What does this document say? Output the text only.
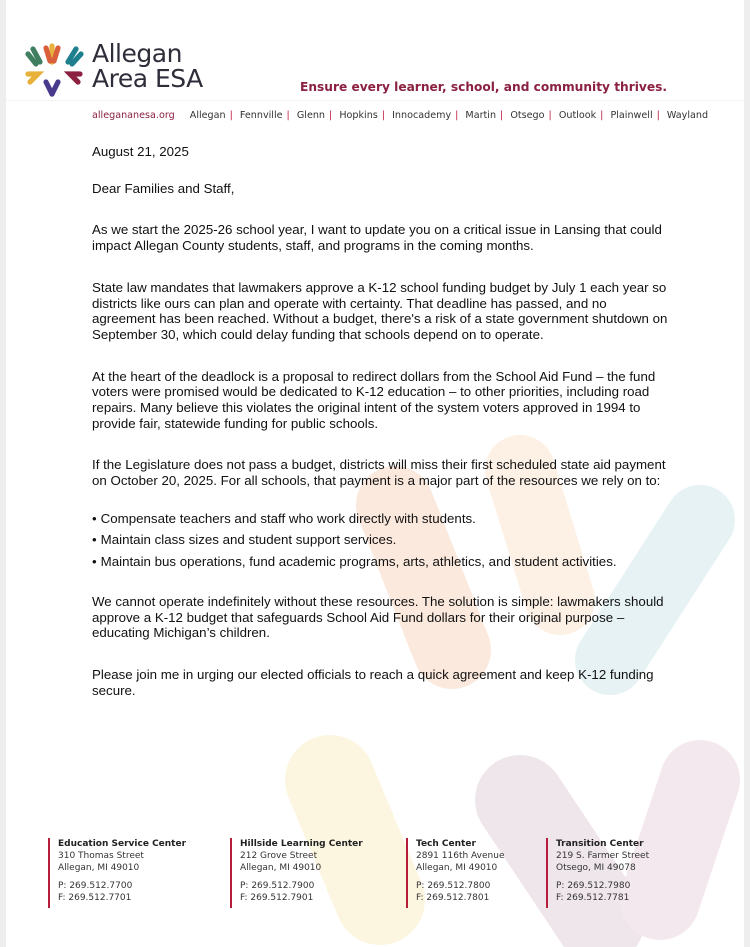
Allegan
Area ESA	Ensure every learner, school, and community thrives.
allegananesa.org Allegan | Fennville | Glenn | Hopkins | Innocademy | Martin | Otsego | Outlook | Plainwell | Wayland

August 21, 2025

Dear Families and Staff,

As we start the 2025-26 school year, I want to update you on a critical issue in Lansing that could impact Allegan County students, staff, and programs in the coming months.

State law mandates that lawmakers approve a K-12 school funding budget by July 1 each year so districts like ours can plan and operate with certainty. That deadline has passed, and no agreement has been reached. Without a budget, there's a risk of a state government shutdown on September 30, which could delay funding that schools depend on to operate.

At the heart of the deadlock is a proposal to redirect dollars from the School Aid Fund – the fund voters were promised would be dedicated to K-12 education – to other priorities, including road repairs. Many believe this violates the original intent of the system voters approved in 1994 to provide fair, statewide funding for public schools.

If the Legislature does not pass a budget, districts will miss their first scheduled state aid payment on October 20, 2025. For all schools, that payment is a major part of the resources we rely on to:

• Compensate teachers and staff who work directly with students.
• Maintain class sizes and student support services.
• Maintain bus operations, fund academic programs, arts, athletics, and student activities.

We cannot operate indefinitely without these resources. The solution is simple: lawmakers should approve a K-12 budget that safeguards School Aid Fund dollars for their original purpose – educating Michigan’s children.

Please join me in urging our elected officials to reach a quick agreement and keep K-12 funding secure.

Education Service Center
310 Thomas Street
Allegan, MI 49010
P: 269.512.7700
F: 269.512.7701
Hillside Learning Center
212 Grove Street
Allegan, MI 49010
P: 269.512.7900
F: 269.512.7901
Tech Center
2891 116th Avenue
Allegan, MI 49010
P: 269.512.7800
F: 269.512.7801
Transition Center
219 S. Farmer Street
Otsego, MI 49078
P: 269.512.7980
F: 269.512.7781
